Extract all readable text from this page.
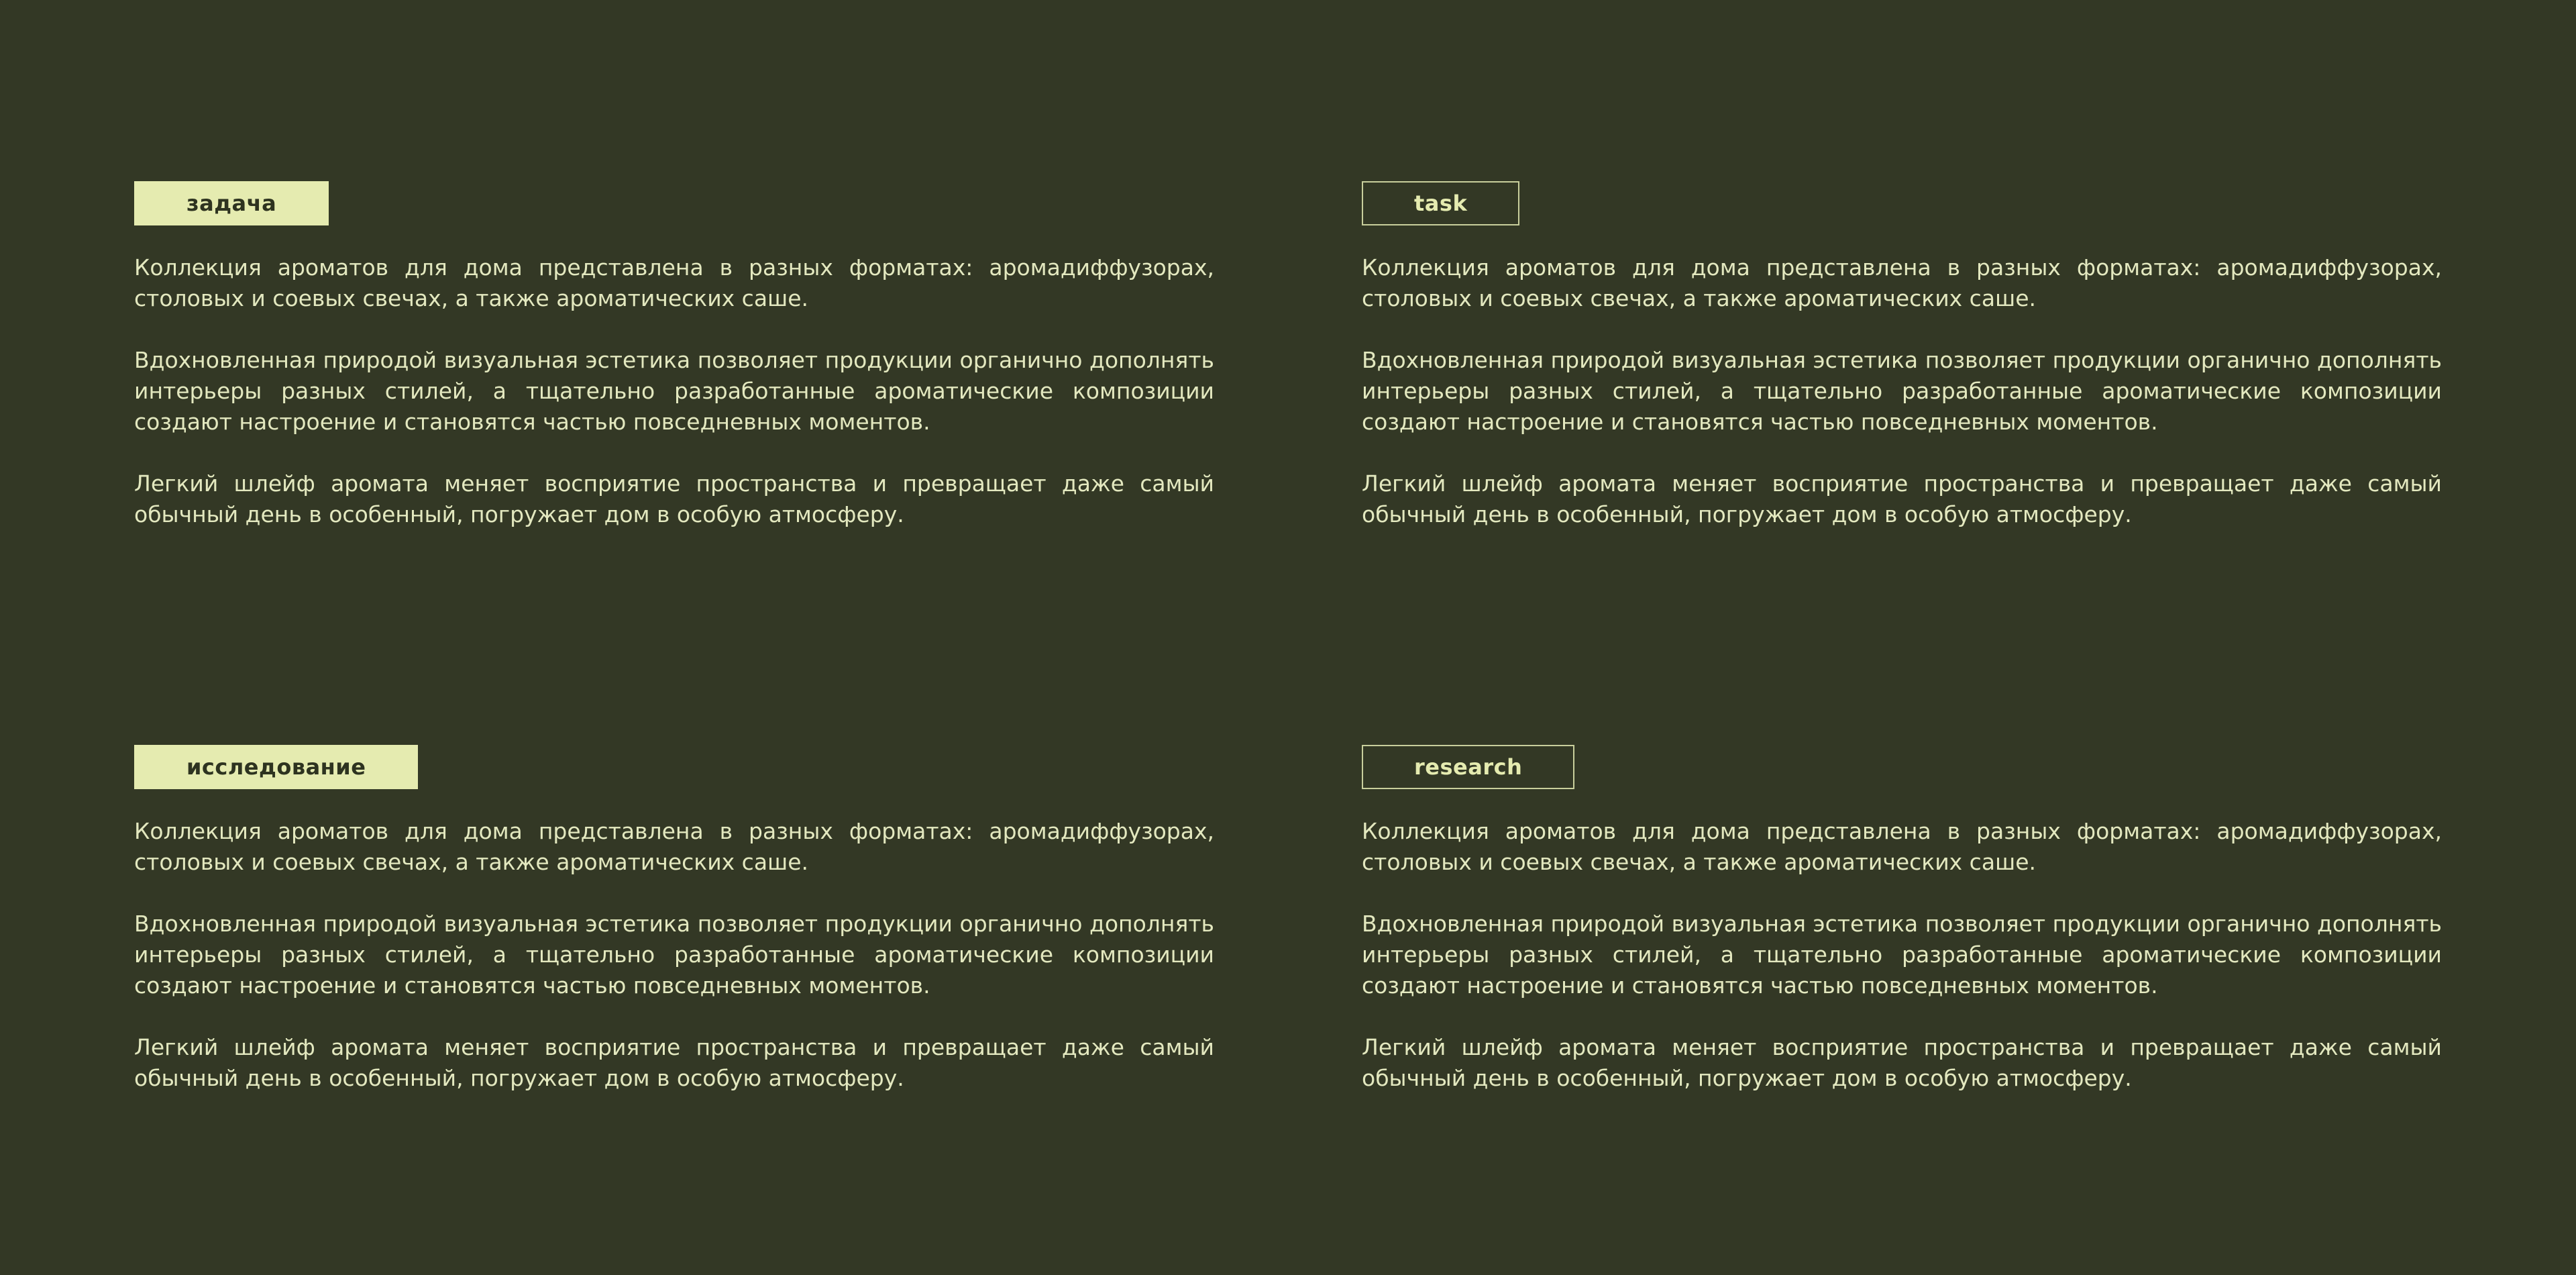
задача

Коллекция ароматов для дома представлена в разных форматах: аромадиффузорах, столовых и соевых свечах, а также ароматических саше.

Вдохновленная природой визуальная эстетика позволяет продукции органично дополнять интерьеры разных стилей, а тщательно разработанные ароматические композиции создают настроение и становятся частью повседневных моментов.

Легкий шлейф аромата меняет восприятие пространства и превращает даже самый обычный день в особенный, погружает дом в особую атмосферу.

task

Коллекция ароматов для дома представлена в разных форматах: аромадиффузорах, столовых и соевых свечах, а также ароматических саше.

Вдохновленная природой визуальная эстетика позволяет продукции органично дополнять интерьеры разных стилей, а тщательно разработанные ароматические композиции создают настроение и становятся частью повседневных моментов.

Легкий шлейф аромата меняет восприятие пространства и превращает даже самый обычный день в особенный, погружает дом в особую атмосферу.

исследование

Коллекция ароматов для дома представлена в разных форматах: аромадиффузорах, столовых и соевых свечах, а также ароматических саше.

Вдохновленная природой визуальная эстетика позволяет продукции органично дополнять интерьеры разных стилей, а тщательно разработанные ароматические композиции создают настроение и становятся частью повседневных моментов.

Легкий шлейф аромата меняет восприятие пространства и превращает даже самый обычный день в особенный, погружает дом в особую атмосферу.

research

Коллекция ароматов для дома представлена в разных форматах: аромадиффузорах, столовых и соевых свечах, а также ароматических саше.

Вдохновленная природой визуальная эстетика позволяет продукции органично дополнять интерьеры разных стилей, а тщательно разработанные ароматические композиции создают настроение и становятся частью повседневных моментов.

Легкий шлейф аромата меняет восприятие пространства и превращает даже самый обычный день в особенный, погружает дом в особую атмосферу.
